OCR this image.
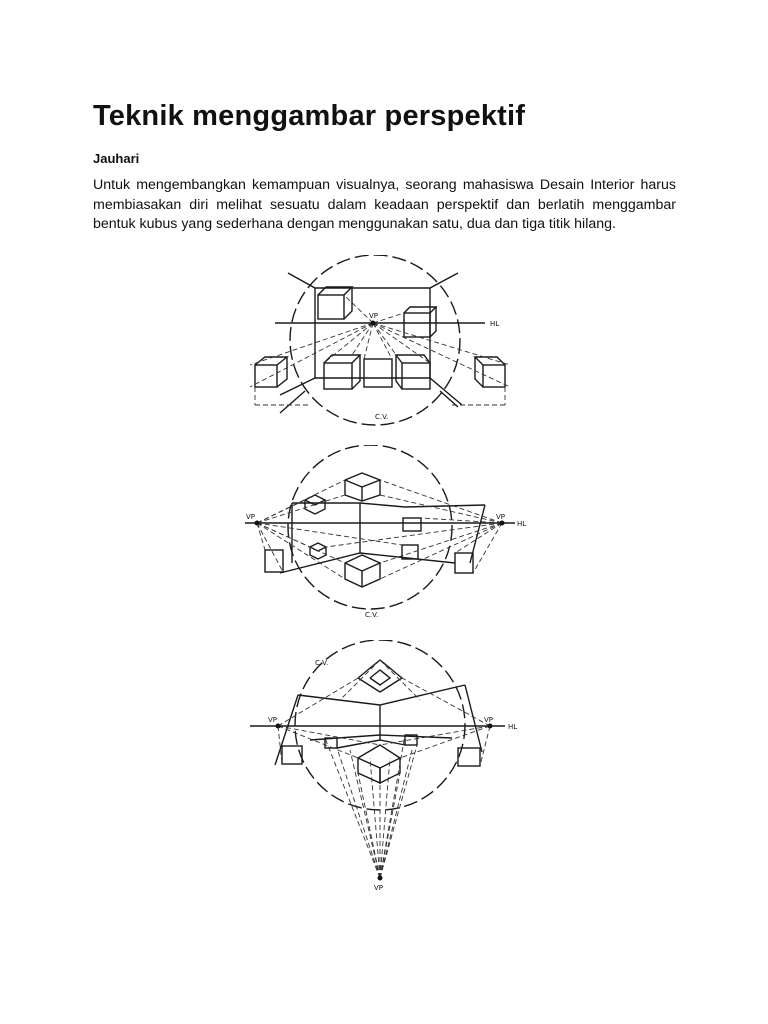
Teknik menggambar perspektif

Jauhari

Untuk mengembangkan kemampuan visualnya, seorang mahasiswa Desain Interior harus membiasakan diri melihat sesuatu dalam keadaan perspektif dan berlatih menggambar bentuk kubus yang sederhana dengan menggunakan satu, dua dan tiga titik hilang.

VP
HL
C.V.
VP	VP
HL
C.V.
C.V.
VP	VP
HL
VP
